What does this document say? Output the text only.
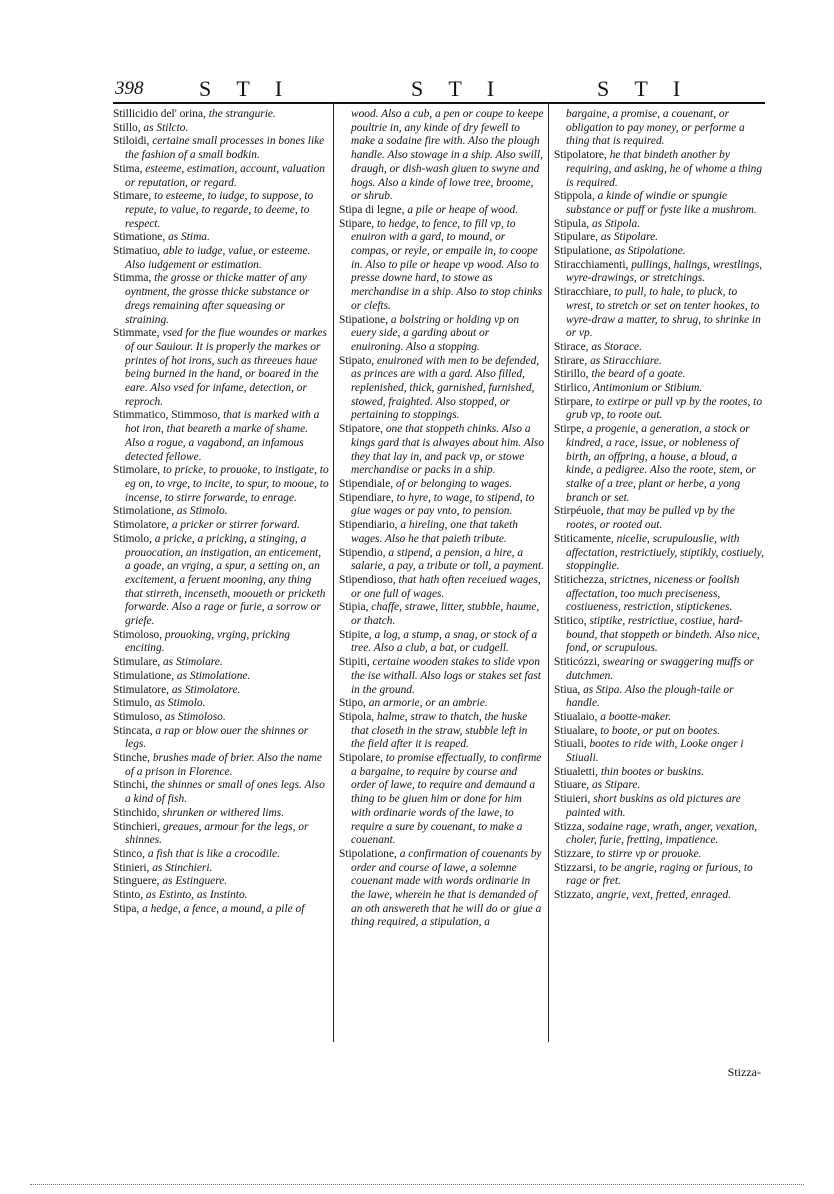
398	S T I	S T I	S T I

Stillicidio del' orina, the strangurie.

Stillo, as Stilcto.

Stiloidi, certaine small processes in bones like the fashion of a small bodkin.

Stima, esteeme, estimation, account, valuation or reputation, or regard.

Stimare, to esteeme, to iudge, to suppose, to repute, to value, to regarde, to deeme, to respect.

Stimatione, as Stima.

Stimatiuo, able to iudge, value, or esteeme. Also iudgement or estimation.

Stimma, the grosse or thicke matter of any oyntment, the grosse thicke substance or dregs remaining after squeasing or straining.

Stimmate, vsed for the fiue woundes or markes of our Sauiour. It is properly the markes or printes of hot irons, such as threeues haue being burned in the hand, or boared in the eare. Also vsed for infame, detection, or reproch.

Stimmatico, Stimmoso, that is marked with a hot iron, that beareth a marke of shame. Also a rogue, a vagabond, an infamous detected fellowe.

Stimolare, to pricke, to prouoke, to instigate, to eg on, to vrge, to incite, to spur, to mooue, to incense, to stirre forwarde, to enrage.

Stimolatione, as Stimolo.

Stimolatore, a pricker or stirrer forward.

Stimolo, a pricke, a pricking, a stinging, a prouocation, an instigation, an enticement, a goade, an vrging, a spur, a setting on, an excitement, a feruent mooning, any thing that stirreth, incenseth, mooueth or pricketh forwarde. Also a rage or furie, a sorrow or griefe.

Stimoloso, prouoking, vrging, pricking enciting.

Stimulare, as Stimolare.

Stimulatione, as Stimolatione.

Stimulatore, as Stimolatore.

Stimulo, as Stimolo.

Stimuloso, as Stimoloso.

Stincata, a rap or blow ouer the shinnes or legs.

Stinche, brushes made of brier. Also the name of a prison in Florence.

Stinchi, the shinnes or small of ones legs. Also a kind of fish.

Stinchido, shrunken or withered lims.

Stinchieri, greaues, armour for the legs, or shinnes.

Stinco, a fish that is like a crocodile.

Stinieri, as Stinchieri.

Stinguere, as Estinguere.

Stinto, as Estinto, as Instinto.

Stipa, a hedge, a fence, a mound, a pile of

wood. Also a cub, a pen or coupe to keepe poultrie in, any kinde of dry fewell to make a sodaine fire with. Also the plough handle. Also stowage in a ship. Also swill, draugh, or dish-wash giuen to swyne and hogs. Also a kinde of lowe tree, broome, or shrub.

Stipa di legne, a pile or heape of wood.

Stipare, to hedge, to fence, to fill vp, to enuiron with a gard, to mound, or compas, or reyle, or empaile in, to coope in. Also to pile or heape vp wood. Also to presse downe hard, to stowe as merchandise in a ship. Also to stop chinks or clefts.

Stipatione, a bolstring or holding vp on euery side, a garding about or enuironing. Also a stopping.

Stipato, enuironed with men to be defended, as princes are with a gard. Also filled, replenished, thick, garnished, furnished, stowed, fraighted. Also stopped, or pertaining to stoppings.

Stipatore, one that stoppeth chinks. Also a kings gard that is alwayes about him. Also they that lay in, and pack vp, or stowe merchandise or packs in a ship.

Stipendiale, of or belonging to wages.

Stipendiare, to hyre, to wage, to stipend, to giue wages or pay vnto, to pension.

Stipendiario, a hireling, one that taketh wages. Also he that paieth tribute.

Stipendio, a stipend, a pension, a hire, a salarie, a pay, a tribute or toll, a payment.

Stipendioso, that hath often receiued wages, or one full of wages.

Stipia, chaffe, strawe, litter, stubble, haume, or thatch.

Stipite, a log, a stump, a snag, or stock of a tree. Also a club, a bat, or cudgell.

Stipiti, certaine wooden stakes to slide vpon the ise withall. Also logs or stakes set fast in the ground.

Stipo, an armorie, or an ambrie.

Stipola, halme, straw to thatch, the huske that closeth in the straw, stubble left in the field after it is reaped.

Stipolare, to promise effectually, to confirme a bargaine, to require by course and order of lawe, to require and demaund a thing to be giuen him or done for him with ordinarie words of the lawe, to require a sure by couenant, to make a couenant.

Stipolatione, a confirmation of couenants by order and course of lawe, a solemne couenant made with words ordinarie in the lawe, wherein he that is demanded of an oth answereth that he will do or giue a thing required, a stipulation, a

bargaine, a promise, a couenant, or obligation to pay money, or performe a thing that is required.

Stipolatore, he that bindeth another by requiring, and asking, he of whome a thing is required.

Stippola, a kinde of windie or spungie substance or puff or fyste like a mushrom.

Stipula, as Stipola.

Stipulare, as Stipolare.

Stipulatione, as Stipolatione.

Stiracchiamenti, pullings, halings, wrestlings, wyre-drawings, or stretchings.

Stiracchiare, to pull, to hale, to pluck, to wrest, to stretch or set on tenter hookes, to wyre-draw a matter, to shrug, to shrinke in or vp.

Stirace, as Storace.

Stirare, as Stiracchiare.

Stirillo, the beard of a goate.

Stirlico, Antimonium or Stibium.

Stirpare, to extirpe or pull vp by the rootes, to grub vp, to roote out.

Stirpe, a progenie, a generation, a stock or kindred, a race, issue, or nobleness of birth, an offpring, a house, a bloud, a kinde, a pedigree. Also the roote, stem, or stalke of a tree, plant or herbe, a yong branch or set.

Stirpéuole, that may be pulled vp by the rootes, or rooted out.

Stiticamente, nicelie, scrupulouslie, with affectation, restrictiuely, stiptikly, costiuely, stoppinglie.

Stitichezza, strictnes, niceness or foolish affectation, too much preciseness, costiueness, restriction, stiptickenes.

Stitico, stiptike, restrictiue, costiue, hard-bound, that stoppeth or bindeth. Also nice, fond, or scrupulous.

Stiticózzi, swearing or swaggering muffs or dutchmen.

Stiua, as Stipa. Also the plough-taile or handle.

Stiualaio, a bootte-maker.

Stiualare, to boote, or put on bootes.

Stiuali, bootes to ride with, Looke onger i Stiuali.

Stiualetti, thin bootes or buskins.

Stiuare, as Stipare.

Stiuieri, short buskins as old pictures are painted with.

Stizza, sodaine rage, wrath, anger, vexation, choler, furie, fretting, impatience.

Stizzare, to stirre vp or prouoke.

Stizzarsi, to be angrie, raging or furious, to rage or fret.

Stizzato, angrie, vext, fretted, enraged.

Stizza-
